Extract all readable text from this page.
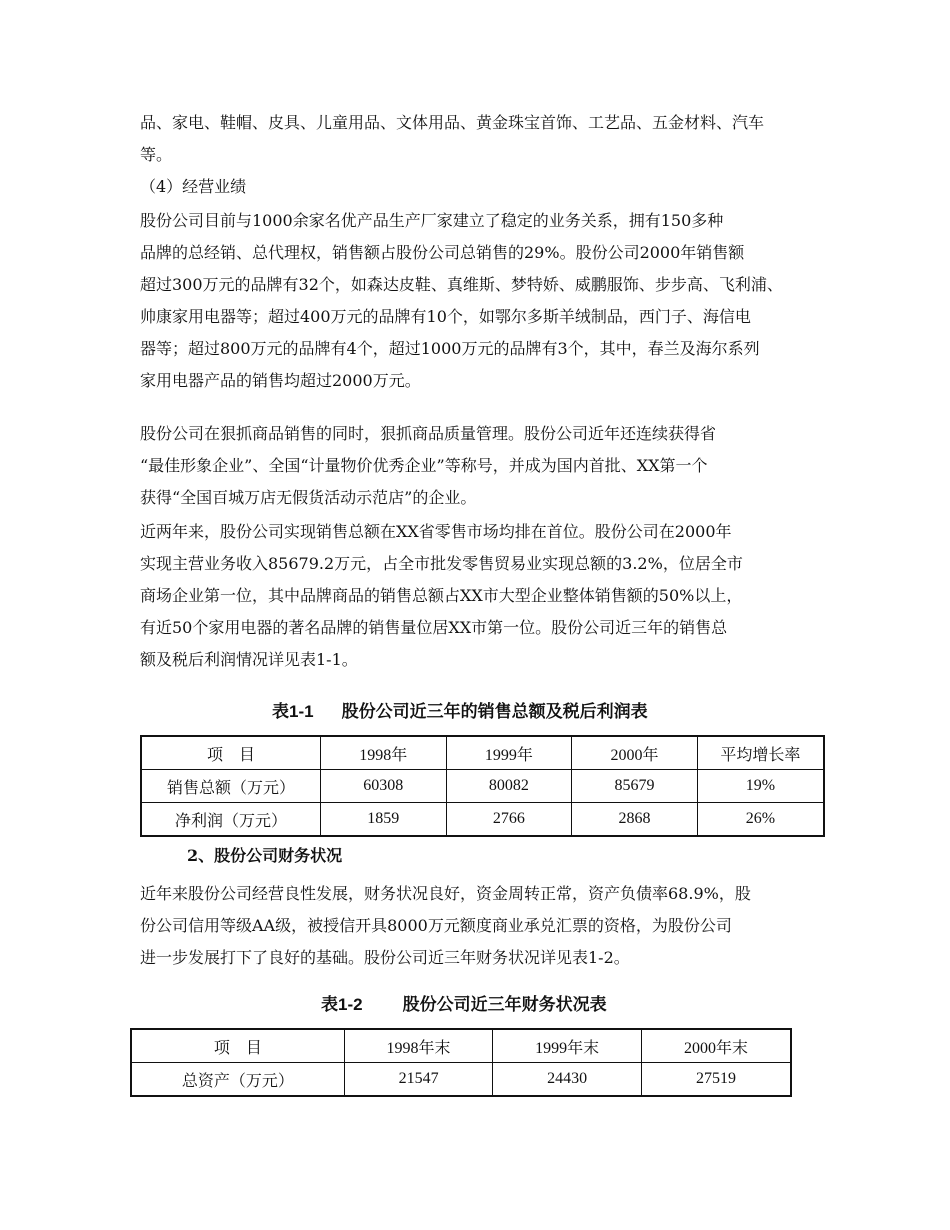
品、家电、鞋帽、皮具、儿童用品、文体用品、黄金珠宝首饰、工艺品、五金材料、汽车
等。
（4）经营业绩
股份公司目前与1000余家名优产品生产厂家建立了稳定的业务关系，拥有150多种
品牌的总经销、总代理权，销售额占股份公司总销售的29%。股份公司2000年销售额
超过300万元的品牌有32个，如森达皮鞋、真维斯、梦特娇、威鹏服饰、步步高、飞利浦、
帅康家用电器等；超过400万元的品牌有10个，如鄂尔多斯羊绒制品，西门子、海信电
器等；超过800万元的品牌有4个，超过1000万元的品牌有3个，其中，春兰及海尔系列
家用电器产品的销售均超过2000万元。
股份公司在狠抓商品销售的同时，狠抓商品质量管理。股份公司近年还连续获得省
“最佳形象企业”、全国“计量物价优秀企业”等称号，并成为国内首批、XX第一个
获得“全国百城万店无假货活动示范店”的企业。
近两年来，股份公司实现销售总额在XX省零售市场均排在首位。股份公司在2000年
实现主营业务收入85679.2万元，占全市批发零售贸易业实现总额的3.2%，位居全市
商场企业第一位，其中品牌商品的销售总额占XX市大型企业整体销售额的50%以上，
有近50个家用电器的著名品牌的销售量位居XX市第一位。股份公司近三年的销售总
额及税后利润情况详见表1-1。
表1-1 股份公司近三年的销售总额及税后利润表
项　目	1998年	1999年	2000年	平均增长率
销售总额（万元）	60308	80082	85679	19%
净利润（万元）	1859	2766	2868	26%
2、股份公司财务状况
近年来股份公司经营良性发展，财务状况良好，资金周转正常，资产负债率68.9%，股
份公司信用等级AA级，被授信开具8000万元额度商业承兑汇票的资格，为股份公司
进一步发展打下了良好的基础。股份公司近三年财务状况详见表1-2。
表1-2 股份公司近三年财务状况表
项　目	1998年末	1999年末	2000年末
总资产（万元）	21547	24430	27519
